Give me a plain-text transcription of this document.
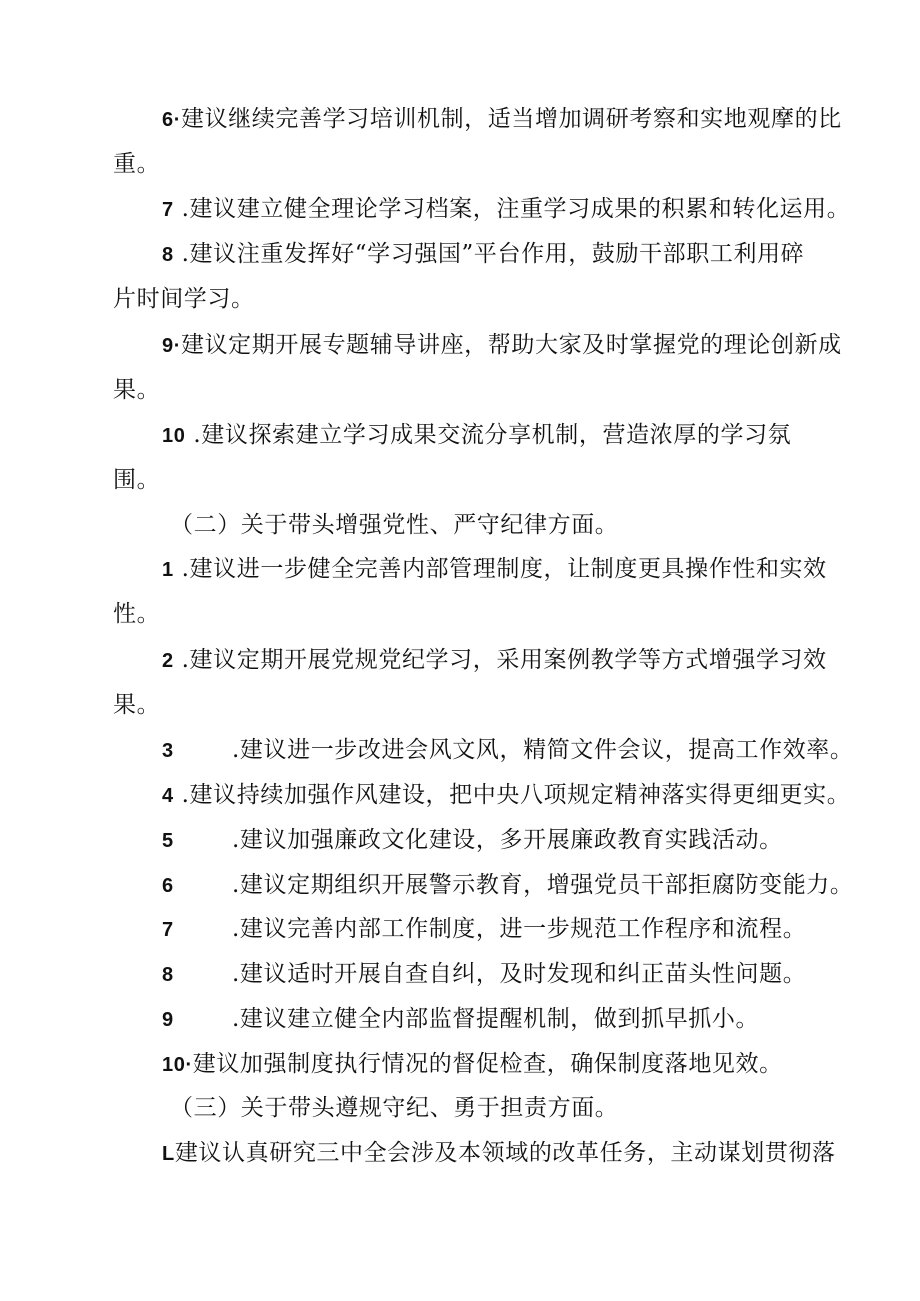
6·建议继续完善学习培训机制，适当增加调研考察和实地观摩的比
重。
7 .建议建立健全理论学习档案，注重学习成果的积累和转化运用。
8 .建议注重发挥好“学习强国”平台作用，鼓励干部职工利用碎
片时间学习。
9·建议定期开展专题辅导讲座，帮助大家及时掌握党的理论创新成
果。
10 .建议探索建立学习成果交流分享机制，营造浓厚的学习氛
围。
（二）关于带头增强党性、严守纪律方面。
1 .建议进一步健全完善内部管理制度，让制度更具操作性和实效
性。
2 .建议定期开展党规党纪学习，采用案例教学等方式增强学习效
果。
3	.建议进一步改进会风文风，精简文件会议，提高工作效率。
4 .建议持续加强作风建设，把中央八项规定精神落实得更细更实。
5	.建议加强廉政文化建设，多开展廉政教育实践活动。
6	.建议定期组织开展警示教育，增强党员干部拒腐防变能力。
7	.建议完善内部工作制度，进一步规范工作程序和流程。
8	.建议适时开展自查自纠，及时发现和纠正苗头性问题。
9	.建议建立健全内部监督提醒机制，做到抓早抓小。
10·建议加强制度执行情况的督促检查，确保制度落地见效。
（三）关于带头遵规守纪、勇于担责方面。
L建议认真研究三中全会涉及本领域的改革任务，主动谋划贯彻落
